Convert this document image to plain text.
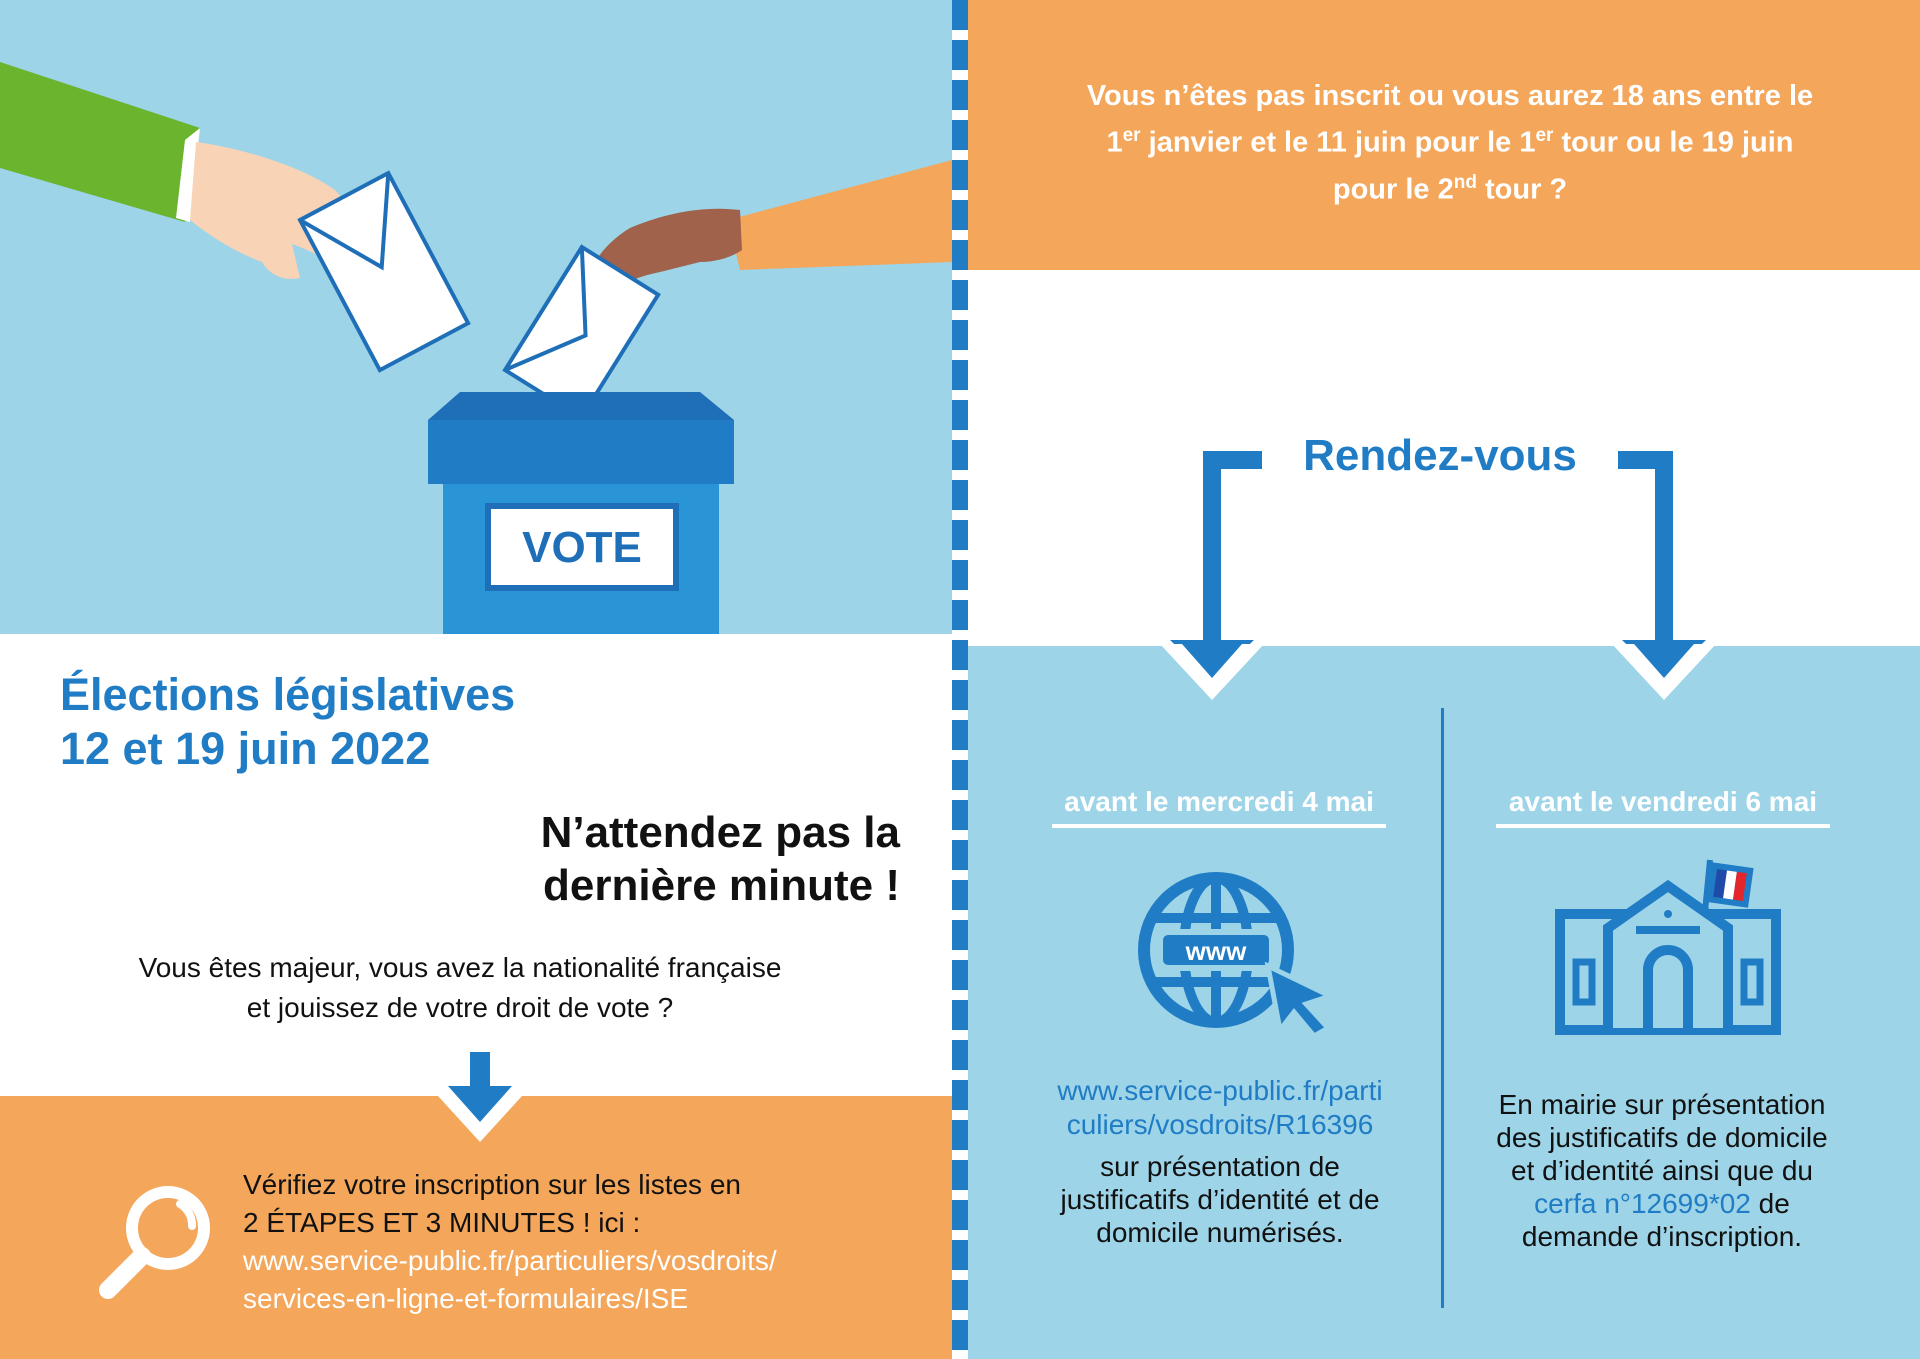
VOTE
Élections législatives
12 et 19 juin 2022
N’attendez pas la
dernière minute !
Vous êtes majeur, vous avez la nationalité française
et jouissez de votre droit de vote ?
Vérifiez votre inscription sur les listes en
2 ÉTAPES ET 3 MINUTES ! ici :
www.service-public.fr/particuliers/vosdroits/
services-en-ligne-et-formulaires/ISE
Vous n’êtes pas inscrit ou vous aurez 18 ans entre le
1er janvier et le 11 juin pour le 1er tour ou le 19 juin
pour le 2nd tour ?
Rendez-vous
avant le mercredi 4 mai	avant le vendredi 6 mai
www
www.service-public.fr/parti
culiers/vosdroits/R16396
sur présentation de
justificatifs d’identité et de
domicile numérisés.
En mairie sur présentation
des justificatifs de domicile
et d’identité ainsi que du
cerfa n°12699*02 de
demande d’inscription.
